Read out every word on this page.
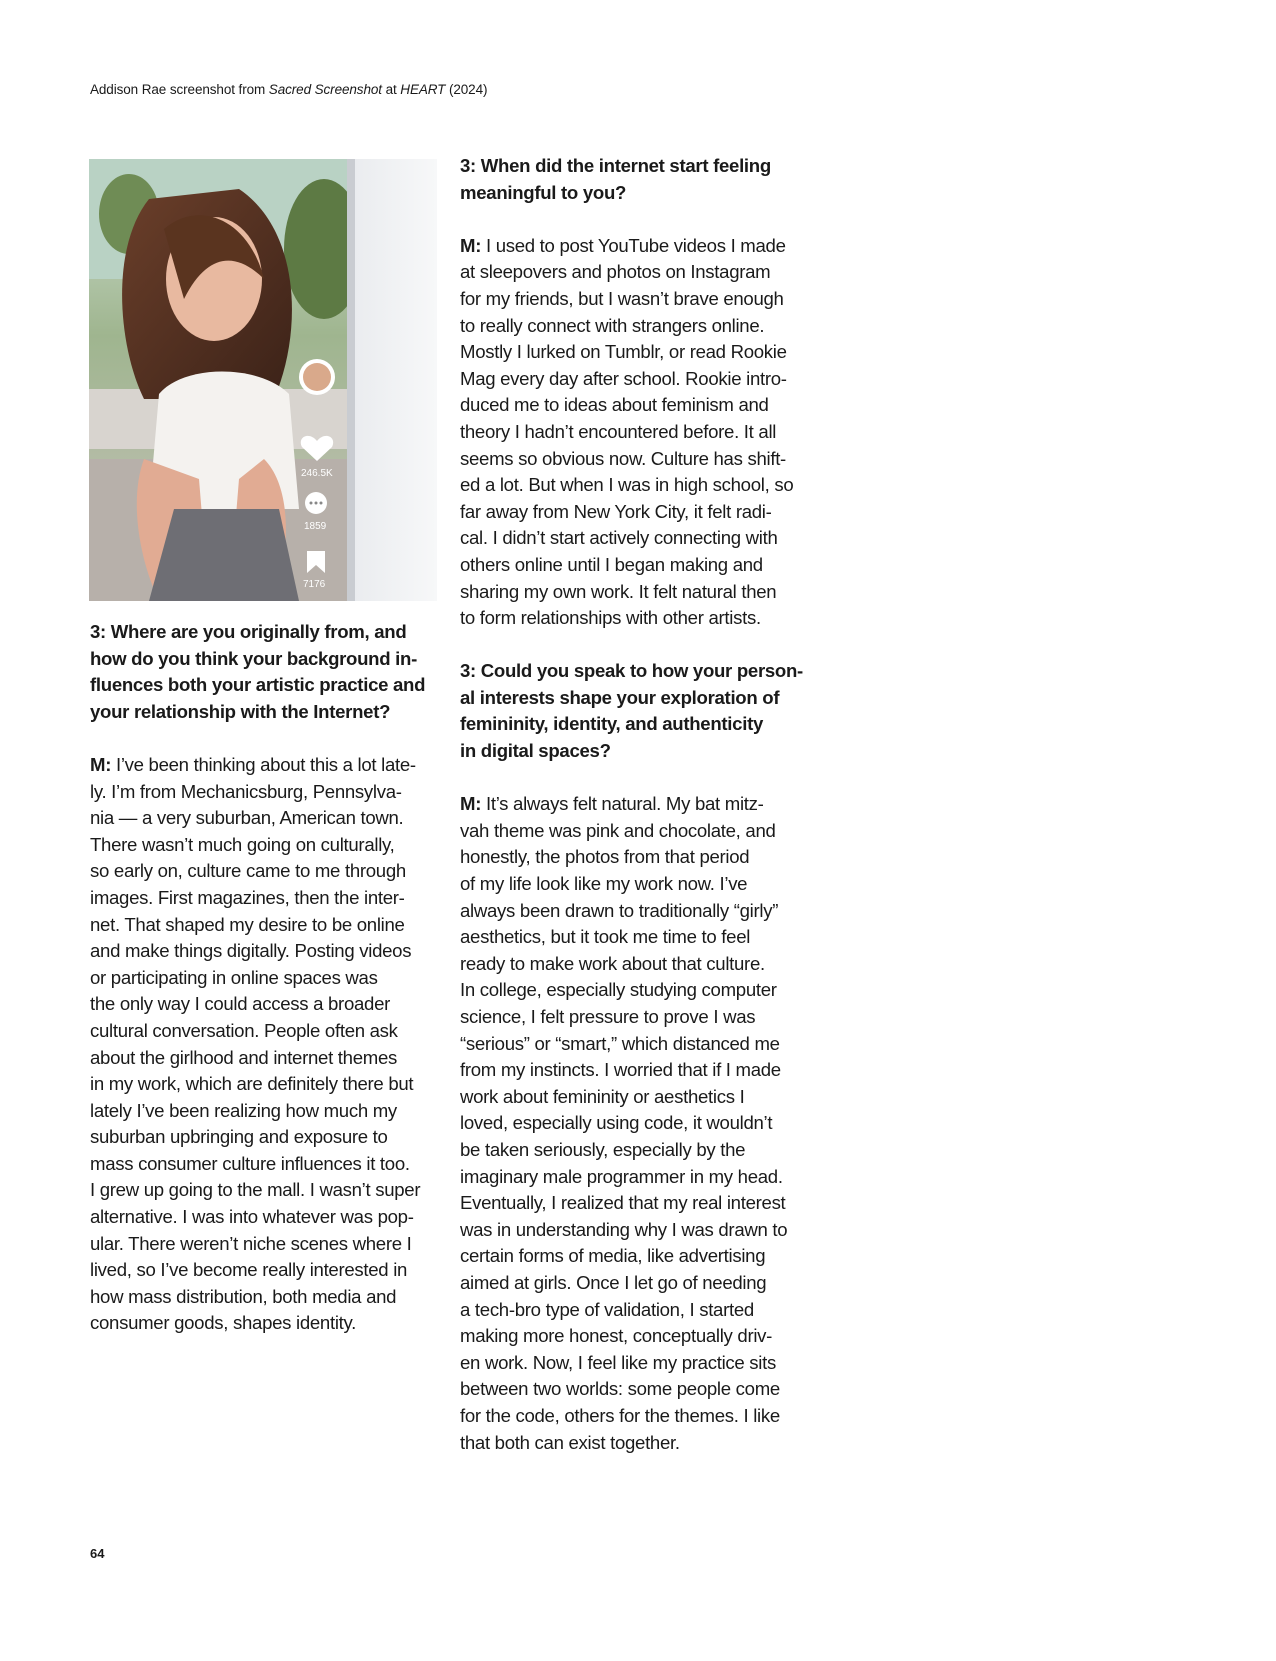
Addison Rae screenshot from Sacred Screenshot at HEART (2024)
246.5K
1859
7176
3: Where are you originally from, and
how do you think your background in-
fluences both your artistic practice and
your relationship with the Internet?
M: I’ve been thinking about this a lot late-
ly. I’m from Mechanicsburg, Pennsylva-
nia — a very suburban, American town.
There wasn’t much going on culturally,
so early on, culture came to me through
images. First magazines, then the inter-
net. That shaped my desire to be online
and make things digitally. Posting videos
or participating in online spaces was
the only way I could access a broader
cultural conversation. People often ask
about the girlhood and internet themes
in my work, which are definitely there but
lately I’ve been realizing how much my
suburban upbringing and exposure to
mass consumer culture influences it too.
I grew up going to the mall. I wasn’t super
alternative. I was into whatever was pop-
ular. There weren’t niche scenes where I
lived, so I’ve become really interested in
how mass distribution, both media and
consumer goods, shapes identity.
3: When did the internet start feeling
meaningful to you?
M: I used to post YouTube videos I made
at sleepovers and photos on Instagram
for my friends, but I wasn’t brave enough
to really connect with strangers online.
Mostly I lurked on Tumblr, or read Rookie
Mag every day after school. Rookie intro-
duced me to ideas about feminism and
theory I hadn’t encountered before. It all
seems so obvious now. Culture has shift-
ed a lot. But when I was in high school, so
far away from New York City, it felt radi-
cal. I didn’t start actively connecting with
others online until I began making and
sharing my own work. It felt natural then
to form relationships with other artists.
3: Could you speak to how your person-
al interests shape your exploration of
femininity, identity, and authenticity
in digital spaces?
M: It’s always felt natural. My bat mitz-
vah theme was pink and chocolate, and
honestly, the photos from that period
of my life look like my work now. I’ve
always been drawn to traditionally “girly”
aesthetics, but it took me time to feel
ready to make work about that culture.
In college, especially studying computer
science, I felt pressure to prove I was
“serious” or “smart,” which distanced me
from my instincts. I worried that if I made
work about femininity or aesthetics I
loved, especially using code, it wouldn’t
be taken seriously, especially by the
imaginary male programmer in my head.
Eventually, I realized that my real interest
was in understanding why I was drawn to
certain forms of media, like advertising
aimed at girls. Once I let go of needing
a tech-bro type of validation, I started
making more honest, conceptually driv-
en work. Now, I feel like my practice sits
between two worlds: some people come
for the code, others for the themes. I like
that both can exist together.
64
